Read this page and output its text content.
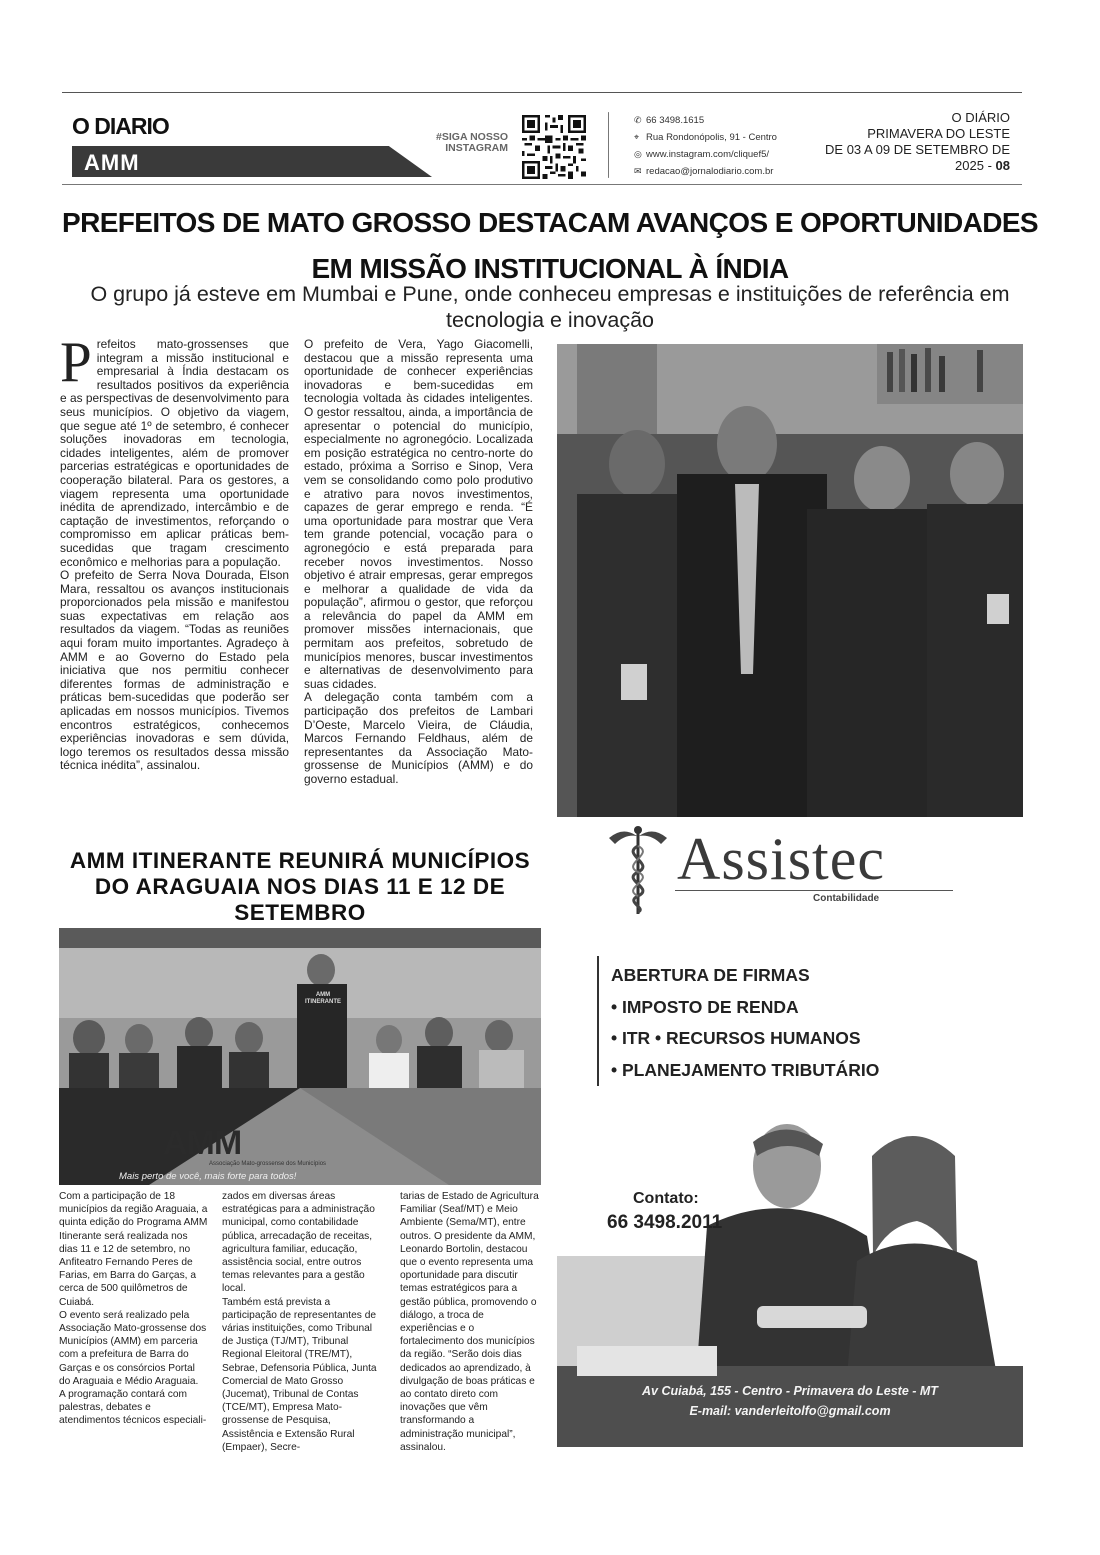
O DIARIO
AMM
#SIGA NOSSO INSTAGRAM
✆ 66 3498.1615
⌖ Rua Rondonópolis, 91 - Centro
◎ www.instagram.com/cliquef5/
✉ redacao@jornalodiario.com.br
O DIÁRIO
PRIMAVERA DO LESTE
DE 03 A 09 DE SETEMBRO DE
2025 - 08
PREFEITOS DE MATO GROSSO DESTACAM AVANÇOS E OPORTUNIDADES
EM MISSÃO INSTITUCIONAL À ÍNDIA
O grupo já esteve em Mumbai e Pune, onde conheceu empresas e instituições de referência em tecnologia e inovação
P refeitos mato-grossenses que integram a missão institucional e empresarial à Índia destacam os resultados positivos da experiência e as perspectivas de desenvolvimento para seus municípios. O objetivo da viagem, que segue até 1º de setembro, é conhecer soluções inovadoras em tecnologia, cidades inteligentes, além de promover parcerias estratégicas e oportunidades de cooperação bilateral. Para os gestores, a viagem representa uma oportunidade inédita de aprendizado, intercâmbio e de captação de investimentos, reforçando o compromisso em aplicar práticas bem-sucedidas que tragam crescimento econômico e melhorias para a população.

O prefeito de Serra Nova Dourada, Elson Mara, ressaltou os avanços institucionais proporcionados pela missão e manifestou suas expectativas em relação aos resultados da viagem. “Todas as reuniões aqui foram muito importantes. Agradeço à AMM e ao Governo do Estado pela iniciativa que nos permitiu conhecer diferentes formas de administração e práticas bem-sucedidas que poderão ser aplicadas em nossos municípios. Tivemos encontros estratégicos, conhecemos experiências inovadoras e sem dúvida, logo teremos os resultados dessa missão técnica inédita”, assinalou.

O prefeito de Vera, Yago Giacomelli, destacou que a missão representa uma oportunidade de conhecer experiências inovadoras e bem-sucedidas em tecnologia voltada às cidades inteligentes. O gestor ressaltou, ainda, a importância de apresentar o potencial do município, especialmente no agronegócio. Localizada em posição estratégica no centro-norte do estado, próxima a Sorriso e Sinop, Vera vem se consolidando como polo produtivo e atrativo para novos investimentos, capazes de gerar emprego e renda. “É uma oportunidade para mostrar que Vera tem grande potencial, vocação para o agronegócio e está preparada para receber novos investimentos. Nosso objetivo é atrair empresas, gerar empregos e melhorar a qualidade de vida da população”, afirmou o gestor, que reforçou a relevância do papel da AMM em promover missões internacionais, que permitam aos prefeitos, sobretudo de municípios menores, buscar investimentos e alternativas de desenvolvimento para suas cidades.

A delegação conta também com a participação dos prefeitos de Lambari D’Oeste, Marcelo Vieira, de Cláudia, Marcos Fernando Feldhaus, além de representantes da Associação Mato-grossense de Municípios (AMM) e do governo estadual.

AMM ITINERANTE REUNIRÁ MUNICÍPIOS DO ARAGUAIA NOS DIAS 11 E 12 DE SETEMBRO
AMM
Associação Mato-grossense dos Municípios
Mais perto de você, mais forte para todos!
AMM ITINERANTE

Com a participação de 18 municípios da região Araguaia, a quinta edição do Programa AMM Itinerante será realizada nos dias 11 e 12 de setembro, no Anfiteatro Fernando Peres de Farias, em Barra do Garças, a cerca de 500 quilômetros de Cuiabá.

O evento será realizado pela Associação Mato-grossense dos Municípios (AMM) em parceria com a prefeitura de Barra do Garças e os consórcios Portal do Araguaia e Médio Araguaia.

A programação contará com palestras, debates e atendimentos técnicos especiali-

zados em diversas áreas estratégicas para a administração municipal, como contabilidade pública, arrecadação de receitas, agricultura familiar, educação, assistência social, entre outros temas relevantes para a gestão local.

Também está prevista a participação de representantes de várias instituições, como Tribunal de Justiça (TJ/MT), Tribunal Regional Eleitoral (TRE/MT), Sebrae, Defensoria Pública, Junta Comercial de Mato Grosso (Jucemat), Tribunal de Contas (TCE/MT), Empresa Mato-grossense de Pesquisa, Assistência e Extensão Rural (Empaer), Secre-

tarias de Estado de Agricultura Familiar (Seaf/MT) e Meio Ambiente (Sema/MT), entre outros. O presidente da AMM, Leonardo Bortolin, destacou que o evento representa uma oportunidade para discutir temas estratégicos para a gestão pública, promovendo o diálogo, a troca de experiências e o fortalecimento dos municípios da região. “Serão dois dias dedicados ao aprendizado, à divulgação de boas práticas e ao contato direto com inovações que vêm transformando a administração municipal”, assinalou.

Assistec
Contabilidade
ABERTURA DE FIRMAS
• IMPOSTO DE RENDA
• ITR • RECURSOS HUMANOS
• PLANEJAMENTO TRIBUTÁRIO
Contato:
66 3498.2011
Av Cuiabá, 155 - Centro - Primavera do Leste - MT
E-mail: vanderleitolfo@gmail.com
